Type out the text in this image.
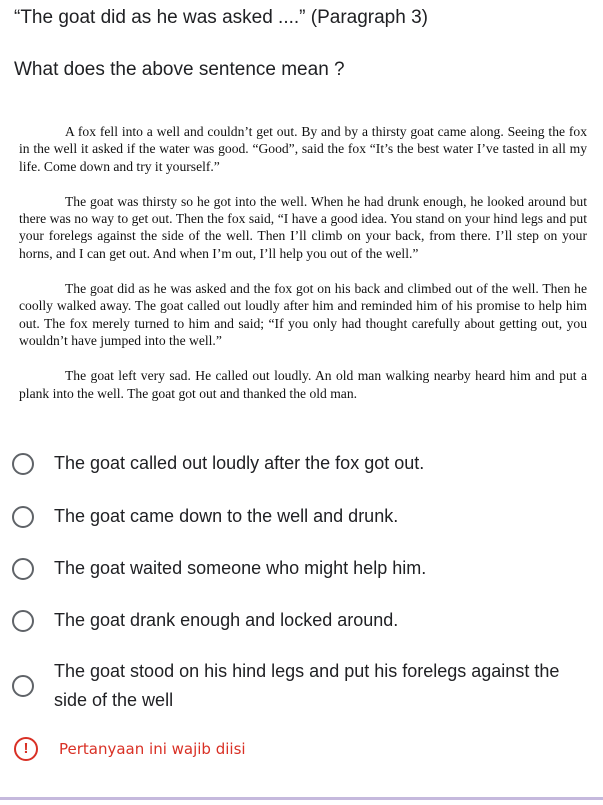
“The goat did as he was asked ....” (Paragraph 3)
What does the above sentence mean ?

A fox fell into a well and couldn’t get out. By and by a thirsty goat came along. Seeing the fox in the well it asked if the water was good. “Good”, said the fox “It’s the best water I’ve tasted in all my life. Come down and try it yourself.”

The goat was thirsty so he got into the well. When he had drunk enough, he looked around but there was no way to get out. Then the fox said, “I have a good idea. You stand on your hind legs and put your forelegs against the side of the well. Then I’ll climb on your back, from there. I’ll step on your horns, and I can get out. And when I’m out, I’ll help you out of the well.”

The goat did as he was asked and the fox got on his back and climbed out of the well. Then he coolly walked away. The goat called out loudly after him and reminded him of his promise to help him out. The fox merely turned to him and said; “If you only had thought carefully about getting out, you wouldn’t have jumped into the well.”

The goat left very sad. He called out loudly. An old man walking nearby heard him and put a plank into the well. The goat got out and thanked the old man.

The goat called out loudly after the fox got out.
The goat came down to the well and drunk.
The goat waited someone who might help him.
The goat drank enough and locked around.
The goat stood on his hind legs and put his forelegs against the side of the well
!	Pertanyaan ini wajib diisi
